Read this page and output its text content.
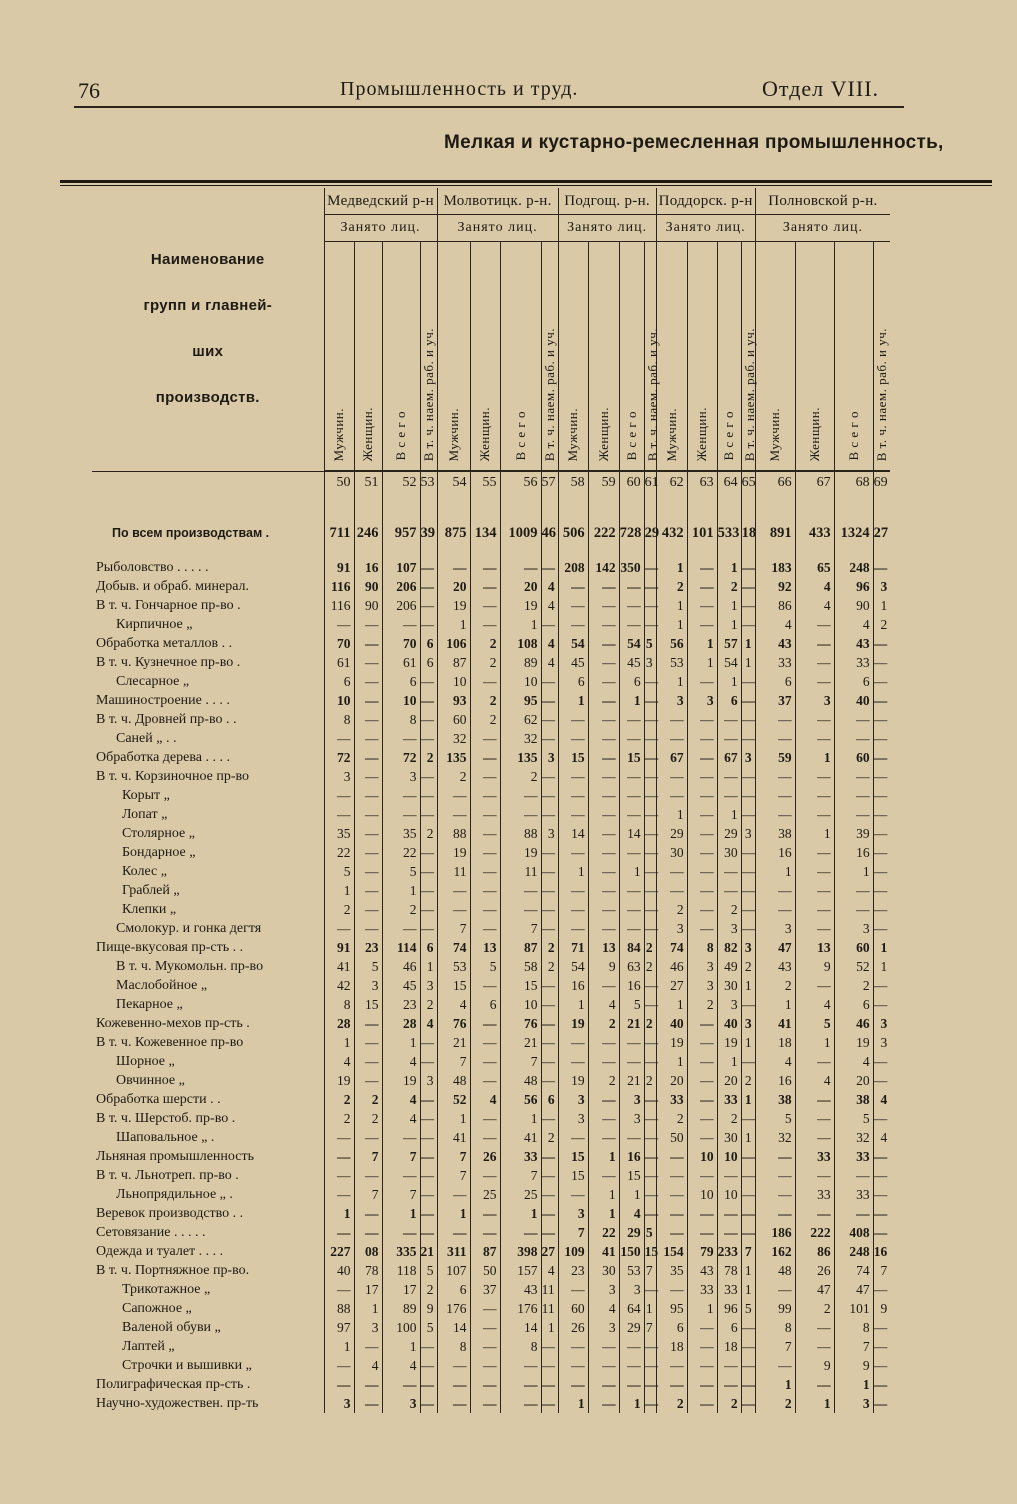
76	Промышленность и труд.	Отдел VIII.
Мелкая и кустарно-ремесленная промышленность,
Наименование
групп и главней-
ших
производств.	Медведский р-н				Молвотицк. р-н.				Подгощ. р-н.				Поддорск. р-н				Полновской р-н.			
	Занято лиц.				Занято лиц.				Занято лиц.				Занято лиц.				Занято лиц.			
	Мужчин.	Женщин.	В с е г о	В т. ч. наем. раб. и уч.	Мужчин.	Женщин.	В с е г о	В т. ч. наем. раб. и уч.	Мужчин.	Женщин.	В с е г о	В т. ч. наем. раб. и уч.	Мужчин.	Женщин.	В с е г о	В т. ч. наем. раб. и уч.	Мужчин.	Женщин.	В с е г о	В т. ч. наем. раб. и уч.
	50	51	52	53	54	55	56	57	58	59	60	61	62	63	64	65	66	67	68	69

По всем производствам .	711	246	957	39	875	134	1009	46	506	222	728	29	432	101	533	18	891	433	1324	27

Рыболовство . . . . .	91	16	107	—	—	—	—	—	208	142	350	—	1	—	1	—	183	65	248	—
Добыв. и обраб. минерал.	116	90	206	—	20	—	20	4	—	—	—	—	2	—	2	—	92	4	96	3
В т. ч. Гончарное пр-во .	116	90	206	—	19	—	19	4	—	—	—	—	1	—	1	—	86	4	90	1
Кирпичное „	—	—	—	—	1	—	1	—	—	—	—	—	1	—	1	—	4	—	4	2
Обработка металлов . .	70	—	70	6	106	2	108	4	54	—	54	5	56	1	57	1	43	—	43	—
В т. ч. Кузнечное пр-во .	61	—	61	6	87	2	89	4	45	—	45	3	53	1	54	1	33	—	33	—
Слесарное „	6	—	6	—	10	—	10	—	6	—	6	—	1	—	1	—	6	—	6	—
Машиностроение . . . .	10	—	10	—	93	2	95	—	1	—	1	—	3	3	6	—	37	3	40	—
В т. ч. Дровней пр-во . .	8	—	8	—	60	2	62	—	—	—	—	—	—	—	—	—	—	—	—	—
Саней „ . .	—	—	—	—	32	—	32	—	—	—	—	—	—	—	—	—	—	—	—	—
Обработка дерева . . . .	72	—	72	2	135	—	135	3	15	—	15	—	67	—	67	3	59	1	60	—
В т. ч. Корзиночное пр-во	3	—	3	—	2	—	2	—	—	—	—	—	—	—	—	—	—	—	—	—
Корыт „	—	—	—	—	—	—	—	—	—	—	—	—	—	—	—	—	—	—	—	—
Лопат „	—	—	—	—	—	—	—	—	—	—	—	—	1	—	1	—	—	—	—	—
Столярное „	35	—	35	2	88	—	88	3	14	—	14	—	29	—	29	3	38	1	39	—
Бондарное „	22	—	22	—	19	—	19	—	—	—	—	—	30	—	30	—	16	—	16	—
Колес „	5	—	5	—	11	—	11	—	1	—	1	—	—	—	—	—	1	—	1	—
Граблей „	1	—	1	—	—	—	—	—	—	—	—	—	—	—	—	—	—	—	—	—
Клепки „	2	—	2	—	—	—	—	—	—	—	—	—	2	—	2	—	—	—	—	—
Смолокур. и гонка дегтя	—	—	—	—	7	—	7	—	—	—	—	—	3	—	3	—	3	—	3	—
Пище-вкусовая пр-сть . .	91	23	114	6	74	13	87	2	71	13	84	2	74	8	82	3	47	13	60	1
В т. ч. Мукомольн. пр-во	41	5	46	1	53	5	58	2	54	9	63	2	46	3	49	2	43	9	52	1
Маслобойное „	42	3	45	3	15	—	15	—	16	—	16	—	27	3	30	1	2	—	2	—
Пекарное „	8	15	23	2	4	6	10	—	1	4	5	—	1	2	3	—	1	4	6	—
Кожевенно-мехов пр-сть .	28	—	28	4	76	—	76	—	19	2	21	2	40	—	40	3	41	5	46	3
В т. ч. Кожевенное пр-во	1	—	1	—	21	—	21	—	—	—	—	—	19	—	19	1	18	1	19	3
Шорное „	4	—	4	—	7	—	7	—	—	—	—	—	1	—	1	—	4	—	4	—
Овчинное „	19	—	19	3	48	—	48	—	19	2	21	2	20	—	20	2	16	4	20	—
Обработка шерсти . .	2	2	4	—	52	4	56	6	3	—	3	—	33	—	33	1	38	—	38	4
В т. ч. Шерстоб. пр-во .	2	2	4	—	1	—	1	—	3	—	3	—	2	—	2	—	5	—	5	—
Шаповальное „ .	—	—	—	—	41	—	41	2	—	—	—	—	50	—	30	1	32	—	32	4
Льняная промышленность	—	7	7	—	7	26	33	—	15	1	16	—	—	10	10	—	—	33	33	—
В т. ч. Льнотреп. пр-во .	—	—	—	—	7	—	7	—	15	—	15	—	—	—	—	—	—	—	—	—
Льнопрядильное „ .	—	7	7	—	—	25	25	—	—	1	1	—	—	10	10	—	—	33	33	—
Веревок производство . .	1	—	1	—	1	—	1	—	3	1	4	—	—	—	—	—	—	—	—	—
Сетовязание . . . . .	—	—	—	—	—	—	—	—	7	22	29	5	—	—	—	—	186	222	408	—
Одежда и туалет . . . .	227	08	335	21	311	87	398	27	109	41	150	15	154	79	233	7	162	86	248	16
В т. ч. Портняжное пр-во.	40	78	118	5	107	50	157	4	23	30	53	7	35	43	78	1	48	26	74	7
Трикотажное „	—	17	17	2	6	37	43	11	—	3	3	—	—	33	33	1	—	47	47	—
Сапожное „	88	1	89	9	176	—	176	11	60	4	64	1	95	1	96	5	99	2	101	9
Валеной обуви „	97	3	100	5	14	—	14	1	26	3	29	7	6	—	6	—	8	—	8	—
Лаптей „	1	—	1	—	8	—	8	—	—	—	—	—	18	—	18	—	7	—	7	—
Строчки и вышивки „	—	4	4	—	—	—	—	—	—	—	—	—	—	—	—	—	—	9	9	—
Полиграфическая пр-сть .	—	—	—	—	—	—	—	—	—	—	—	—	—	—	—	—	1	—	1	—
Научно-художествен. пр-ть	3	—	3	—	—	—	—	—	1	—	1	—	2	—	2	—	2	1	3	—
